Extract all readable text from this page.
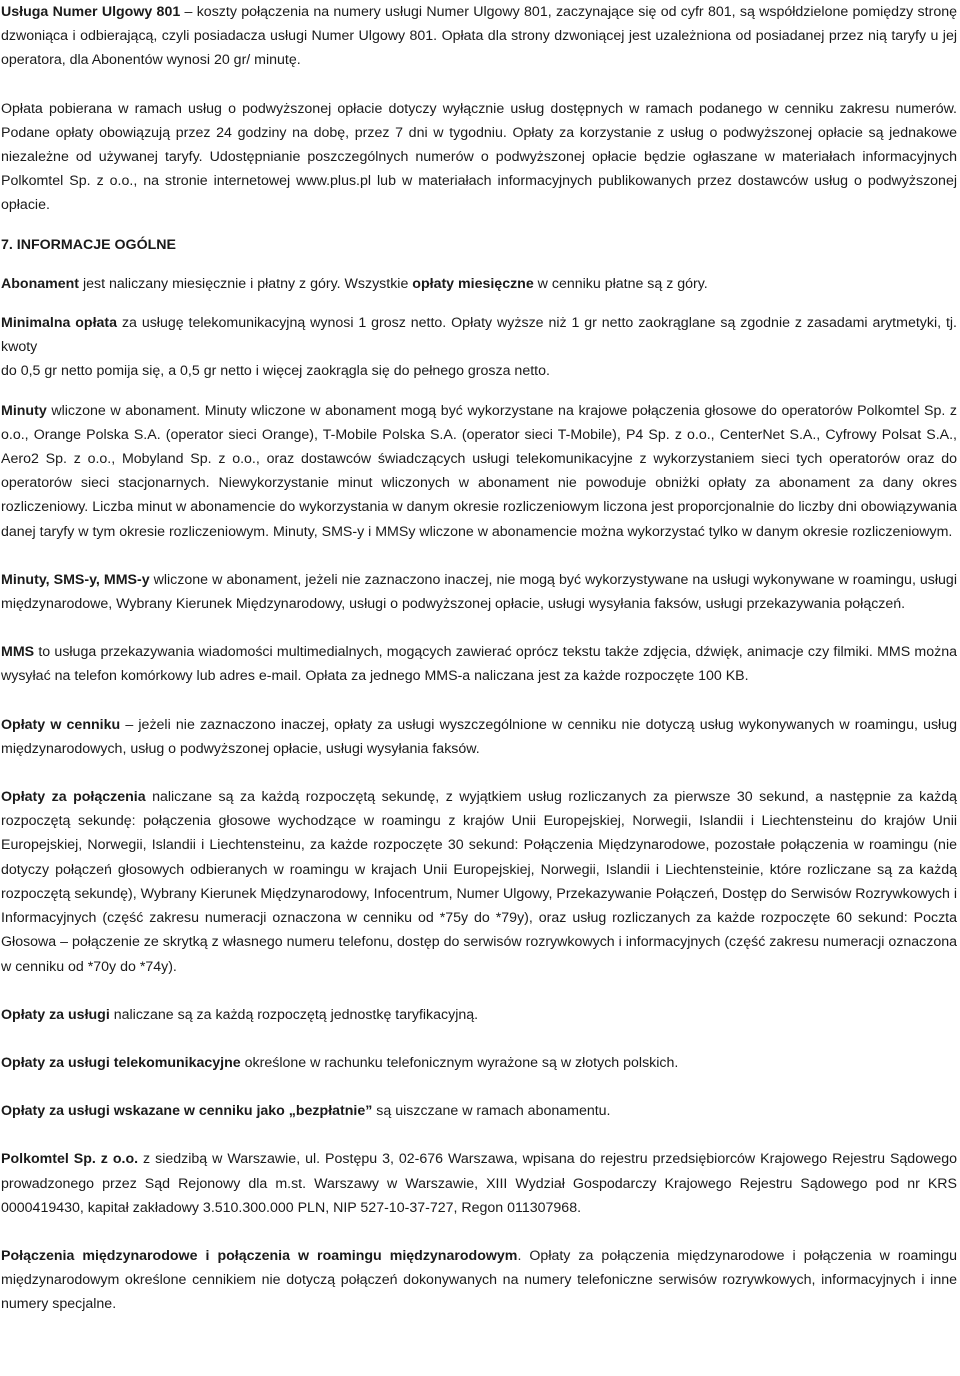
Usługa Numer Ulgowy 801 – koszty połączenia na numery usługi Numer Ulgowy 801, zaczynające się od cyfr 801, są współdzielone pomiędzy stronę dzwoniąca i odbierającą, czyli posiadacza usługi Numer Ulgowy 801. Opłata dla strony dzwoniącej jest uzależniona od posiadanej przez nią taryfy u jej operatora, dla Abonentów wynosi 20 gr/ minutę.

Opłata pobierana w ramach usług o podwyższonej opłacie dotyczy wyłącznie usług dostępnych w ramach podanego w cenniku zakresu numerów. Podane opłaty obowiązują przez 24 godziny na dobę, przez 7 dni w tygodniu. Opłaty za korzystanie z usług o podwyższonej opłacie są jednakowe niezależne od używanej taryfy. Udostępnianie poszczególnych numerów o podwyższonej opłacie będzie ogłaszane w materiałach informacyjnych Polkomtel Sp. z o.o., na stronie internetowej www.plus.pl lub w materiałach informacyjnych publikowanych przez dostawców usług o podwyższonej opłacie.

7. INFORMACJE OGÓLNE

Abonament jest naliczany miesięcznie i płatny z góry. Wszystkie opłaty miesięczne w cenniku płatne są z góry.

Minimalna opłata za usługę telekomunikacyjną wynosi 1 grosz netto. Opłaty wyższe niż 1 gr netto zaokrąglane są zgodnie z zasadami arytmetyki, tj. kwoty

do 0,5 gr netto pomija się, a 0,5 gr netto i więcej zaokrągla się do pełnego grosza netto.

Minuty wliczone w abonament. Minuty wliczone w abonament mogą być wykorzystane na krajowe połączenia głosowe do operatorów Polkomtel Sp. z o.o., Orange Polska S.A. (operator sieci Orange), T-Mobile Polska S.A. (operator sieci T-Mobile), P4 Sp. z o.o., CenterNet S.A., Cyfrowy Polsat S.A., Aero2 Sp. z o.o., Mobyland Sp. z o.o., oraz dostawców świadczących usługi telekomunikacyjne z wykorzystaniem sieci tych operatorów oraz do operatorów sieci stacjonarnych. Niewykorzystanie minut wliczonych w abonament nie powoduje obniżki opłaty za abonament za dany okres rozliczeniowy. Liczba minut w abonamencie do wykorzystania w danym okresie rozliczeniowym liczona jest proporcjonalnie do liczby dni obowiązywania danej taryfy w tym okresie rozliczeniowym. Minuty, SMS-y i MMSy wliczone w abonamencie można wykorzystać tylko w danym okresie rozliczeniowym.

Minuty, SMS-y, MMS-y wliczone w abonament, jeżeli nie zaznaczono inaczej, nie mogą być wykorzystywane na usługi wykonywane w roamingu, usługi międzynarodowe, Wybrany Kierunek Międzynarodowy, usługi o podwyższonej opłacie, usługi wysyłania faksów, usługi przekazywania połączeń.

MMS to usługa przekazywania wiadomości multimedialnych, mogących zawierać oprócz tekstu także zdjęcia, dźwięk, animacje czy filmiki. MMS można wysyłać na telefon komórkowy lub adres e-mail. Opłata za jednego MMS-a naliczana jest za każde rozpoczęte 100 KB.

Opłaty w cenniku – jeżeli nie zaznaczono inaczej, opłaty za usługi wyszczególnione w cenniku nie dotyczą usług wykonywanych w roamingu, usług międzynarodowych, usług o podwyższonej opłacie, usługi wysyłania faksów.

Opłaty za połączenia naliczane są za każdą rozpoczętą sekundę, z wyjątkiem usług rozliczanych za pierwsze 30 sekund, a następnie za każdą rozpoczętą sekundę: połączenia głosowe wychodzące w roamingu z krajów Unii Europejskiej, Norwegii, Islandii i Liechtensteinu do krajów Unii Europejskiej, Norwegii, Islandii i Liechtensteinu, za każde rozpoczęte 30 sekund: Połączenia Międzynarodowe, pozostałe połączenia w roamingu (nie dotyczy połączeń głosowych odbieranych w roamingu w krajach Unii Europejskiej, Norwegii, Islandii i Liechtensteinie, które rozliczane są za każdą rozpoczętą sekundę), Wybrany Kierunek Międzynarodowy, Infocentrum, Numer Ulgowy, Przekazywanie Połączeń, Dostęp do Serwisów Rozrywkowych i Informacyjnych (część zakresu numeracji oznaczona w cenniku od *75y do *79y), oraz usług rozliczanych za każde rozpoczęte 60 sekund: Poczta Głosowa – połączenie ze skrytką z własnego numeru telefonu, dostęp do serwisów rozrywkowych i informacyjnych (część zakresu numeracji oznaczona w cenniku od *70y do *74y).

Opłaty za usługi naliczane są za każdą rozpoczętą jednostkę taryfikacyjną.

Opłaty za usługi telekomunikacyjne określone w rachunku telefonicznym wyrażone są w złotych polskich.

Opłaty za usługi wskazane w cenniku jako „bezpłatnie” są uiszczane w ramach abonamentu.

Polkomtel Sp. z o.o. z siedzibą w Warszawie, ul. Postępu 3, 02-676 Warszawa, wpisana do rejestru przedsiębiorców Krajowego Rejestru Sądowego prowadzonego przez Sąd Rejonowy dla m.st. Warszawy w Warszawie, XIII Wydział Gospodarczy Krajowego Rejestru Sądowego pod nr KRS 0000419430, kapitał zakładowy 3.510.300.000 PLN, NIP 527-10-37-727, Regon 011307968.

Połączenia międzynarodowe i połączenia w roamingu międzynarodowym. Opłaty za połączenia międzynarodowe i połączenia w roamingu międzynarodowym określone cennikiem nie dotyczą połączeń dokonywanych na numery telefoniczne serwisów rozrywkowych, informacyjnych i inne numery specjalne.
